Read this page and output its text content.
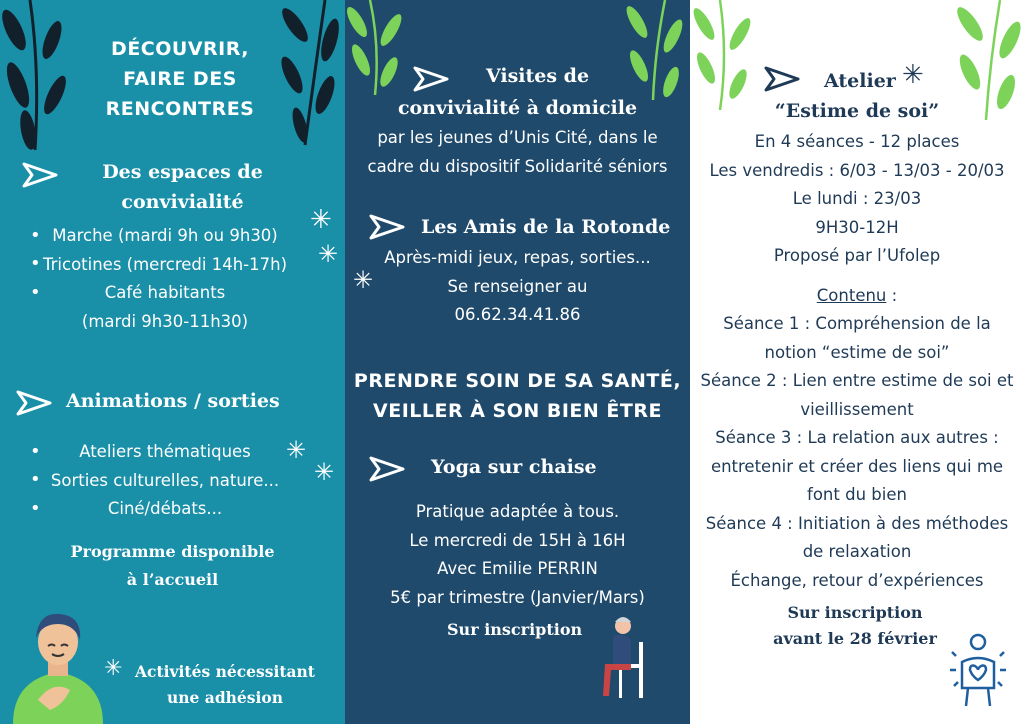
DÉCOUVRIR,
FAIRE DES
RENCONTRES
Des espaces de
convivialité
• Marche (mardi 9h ou 9h30)
• Tricotines (mercredi 14h-17h)
•	Café habitants
(mardi 9h30-11h30)
✳
✳
Animations / sorties
•	Ateliers thématiques
• Sorties culturelles, nature...
•	Ciné/débats...
✳
✳
Programme disponible
à l’accueil
✳ Activités nécessitant
une adhésion
Visites de
convivialité à domicile
par les jeunes d’Unis Cité, dans le
cadre du dispositif Solidarité séniors
Les Amis de la Rotonde
Après-midi jeux, repas, sorties...
Se renseigner au
06.62.34.41.86
✳
PRENDRE SOIN DE SA SANTÉ,
VEILLER À SON BIEN ÊTRE
Yoga sur chaise
Pratique adaptée à tous.
Le mercredi de 15H à 16H
Avec Emilie PERRIN
5€ par trimestre (Janvier/Mars)
Sur inscription
Atelier ✳
“Estime de soi”
En 4 séances - 12 places
Les vendredis : 6/03 - 13/03 - 20/03
Le lundi : 23/03
9H30-12H
Proposé par l’Ufolep
Contenu :
Séance 1 : Compréhension de la
notion “estime de soi”
Séance 2 : Lien entre estime de soi et
vieillissement
Séance 3 : La relation aux autres :
entretenir et créer des liens qui me
font du bien
Séance 4 : Initiation à des méthodes
de relaxation
Échange, retour d’expériences
Sur inscription
avant le 28 février
